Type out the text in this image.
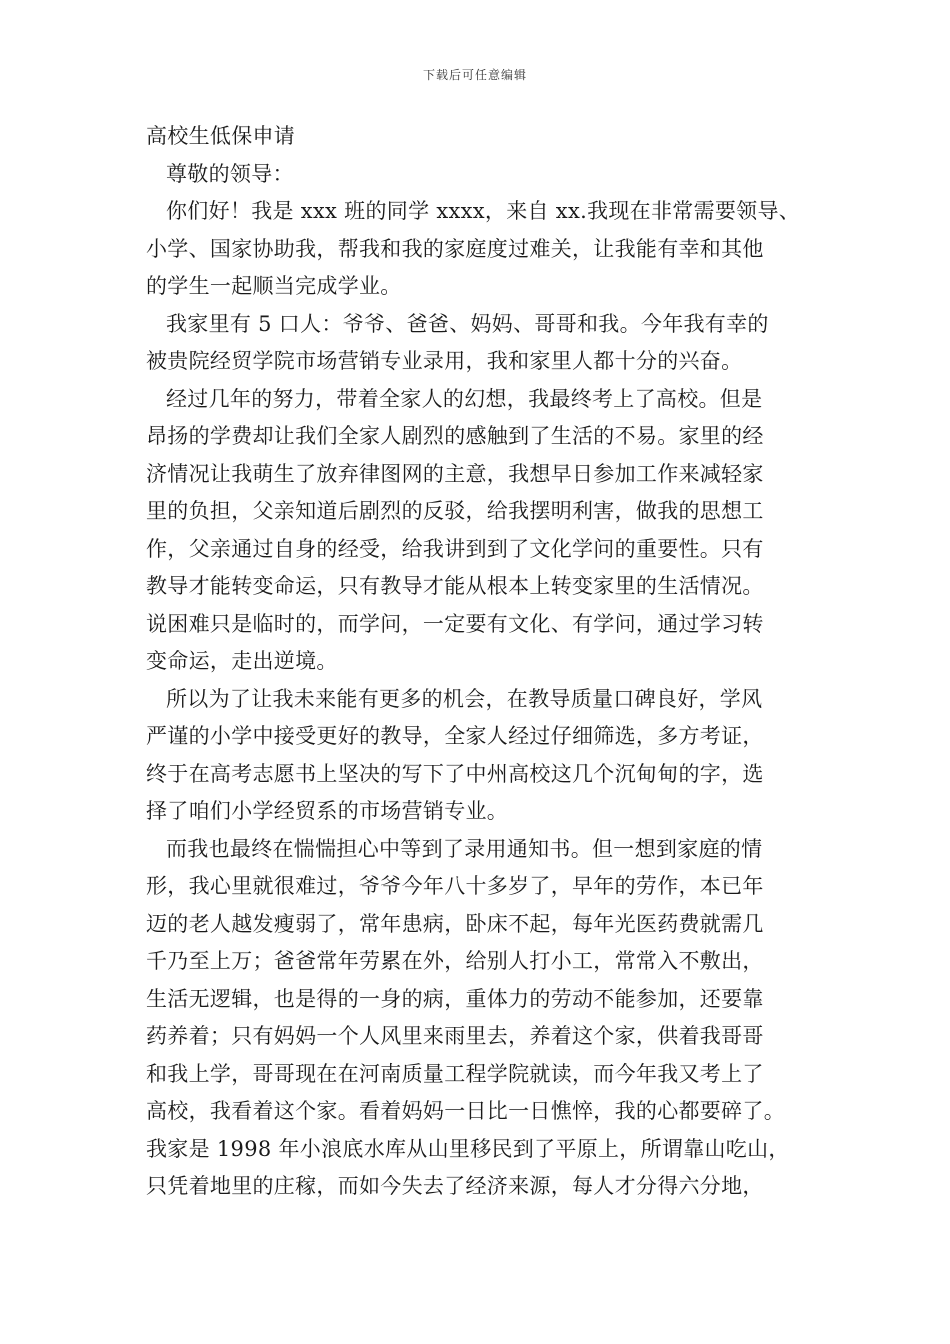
下载后可任意编辑
高校生低保申请
尊敬的领导：
你们好！我是 xxx 班的同学 xxxx，来自 xx.我现在非常需要领导、
小学、国家协助我，帮我和我的家庭度过难关，让我能有幸和其他
的学生一起顺当完成学业。
我家里有 5 口人：爷爷、爸爸、妈妈、哥哥和我。今年我有幸的
被贵院经贸学院市场营销专业录用，我和家里人都十分的兴奋。
经过几年的努力，带着全家人的幻想，我最终考上了高校。但是
昂扬的学费却让我们全家人剧烈的感触到了生活的不易。家里的经
济情况让我萌生了放弃律图网的主意，我想早日参加工作来减轻家
里的负担，父亲知道后剧烈的反驳，给我摆明利害，做我的思想工
作，父亲通过自身的经受，给我讲到到了文化学问的重要性。只有
教导才能转变命运，只有教导才能从根本上转变家里的生活情况。
说困难只是临时的，而学问，一定要有文化、有学问，通过学习转
变命运，走出逆境。
所以为了让我未来能有更多的机会，在教导质量口碑良好，学风
严谨的小学中接受更好的教导，全家人经过仔细筛选，多方考证，
终于在高考志愿书上坚决的写下了中州高校这几个沉甸甸的字，选
择了咱们小学经贸系的市场营销专业。
而我也最终在惴惴担心中等到了录用通知书。但一想到家庭的情
形，我心里就很难过，爷爷今年八十多岁了，早年的劳作，本已年
迈的老人越发瘦弱了，常年患病，卧床不起，每年光医药费就需几
千乃至上万；爸爸常年劳累在外，给别人打小工，常常入不敷出，
生活无逻辑，也是得的一身的病，重体力的劳动不能参加，还要靠
药养着；只有妈妈一个人风里来雨里去，养着这个家，供着我哥哥
和我上学，哥哥现在在河南质量工程学院就读，而今年我又考上了
高校，我看着这个家。看着妈妈一日比一日憔悴，我的心都要碎了。
我家是 1998 年小浪底水库从山里移民到了平原上，所谓靠山吃山，
只凭着地里的庄稼，而如今失去了经济来源，每人才分得六分地，
